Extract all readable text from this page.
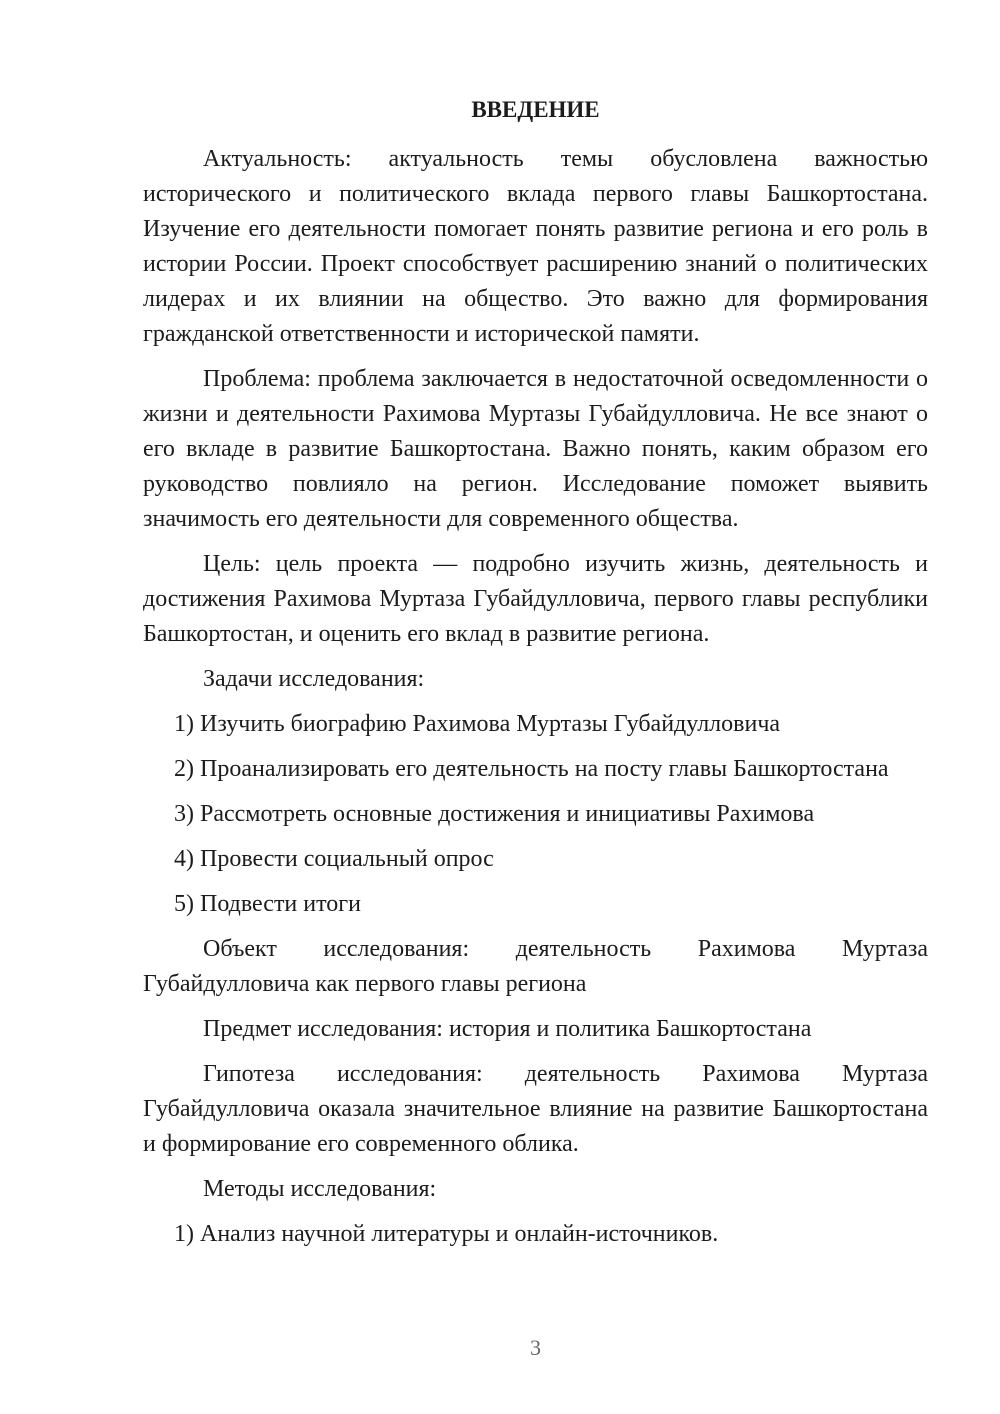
ВВЕДЕНИЕ

Актуальность: актуальность темы обусловлена важностью исторического и политического вклада первого главы Башкортостана. Изучение его деятельности помогает понять развитие региона и его роль в истории России. Проект способствует расширению знаний о политических лидерах и их влиянии на общество. Это важно для формирования гражданской ответственности и исторической памяти.

Проблема: проблема заключается в недостаточной осведомленности о жизни и деятельности Рахимова Муртазы Губайдулловича. Не все знают о его вкладе в развитие Башкортостана. Важно понять, каким образом его руководство повлияло на регион. Исследование поможет выявить значимость его деятельности для современного общества.

Цель: цель проекта — подробно изучить жизнь, деятельность и достижения Рахимова Муртаза Губайдулловича, первого главы республики Башкортостан, и оценить его вклад в развитие региона.

Задачи исследования:

1) Изучить биографию Рахимова Муртазы Губайдулловича
2) Проанализировать его деятельность на посту главы Башкортостана
3) Рассмотреть основные достижения и инициативы Рахимова
4) Провести социальный опрос
5) Подвести итоги

Объект исследования: деятельность Рахимова Муртаза Губайдулловича как первого главы региона

Предмет исследования: история и политика Башкортостана

Гипотеза исследования: деятельность Рахимова Муртаза Губайдулловича оказала значительное влияние на развитие Башкортостана и формирование его современного облика.

Методы исследования:

1) Анализ научной литературы и онлайн-источников.
3
